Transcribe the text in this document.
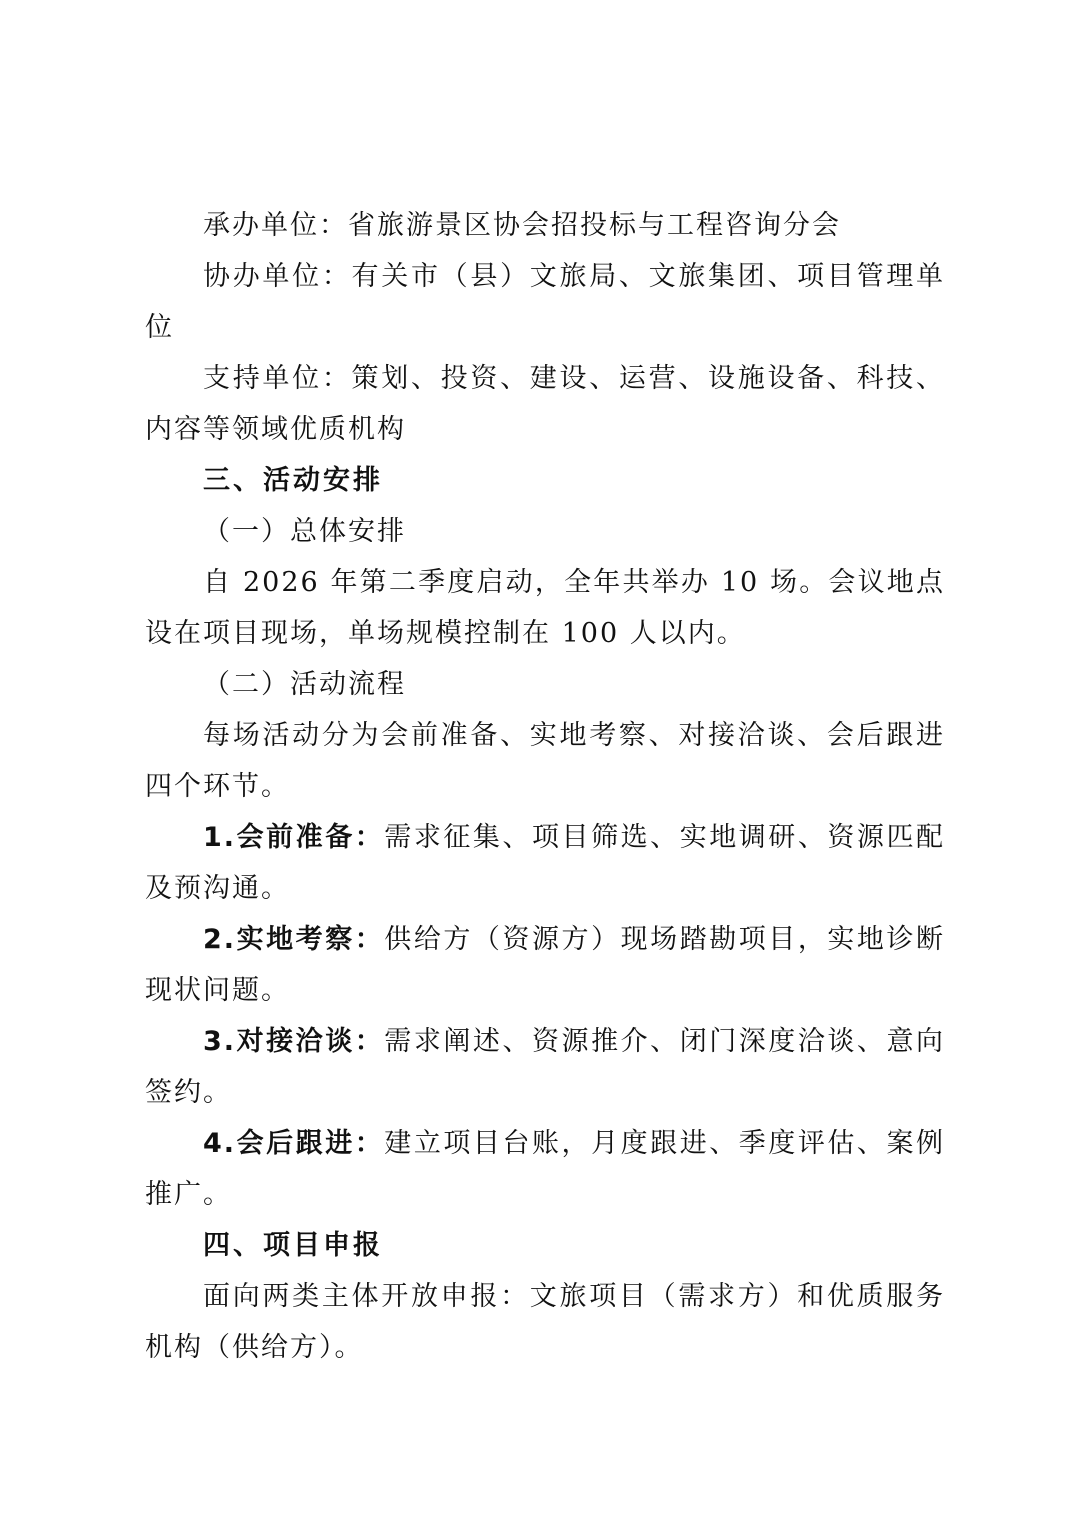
承办单位：省旅游景区协会招投标与工程咨询分会

协办单位：有关市（县）文旅局、文旅集团、项目管理单位

支持单位：策划、投资、建设、运营、设施设备、科技、内容等领域优质机构

三、活动安排

（一）总体安排

自 2026 年第二季度启动，全年共举办 10 场。会议地点设在项目现场，单场规模控制在 100 人以内。

（二）活动流程

每场活动分为会前准备、实地考察、对接洽谈、会后跟进四个环节。

1.会前准备：需求征集、项目筛选、实地调研、资源匹配及预沟通。

2.实地考察：供给方（资源方）现场踏勘项目，实地诊断现状问题。

3.对接洽谈：需求阐述、资源推介、闭门深度洽谈、意向签约。

4.会后跟进：建立项目台账，月度跟进、季度评估、案例推广。

四、项目申报

面向两类主体开放申报：文旅项目（需求方）和优质服务机构（供给方）。
